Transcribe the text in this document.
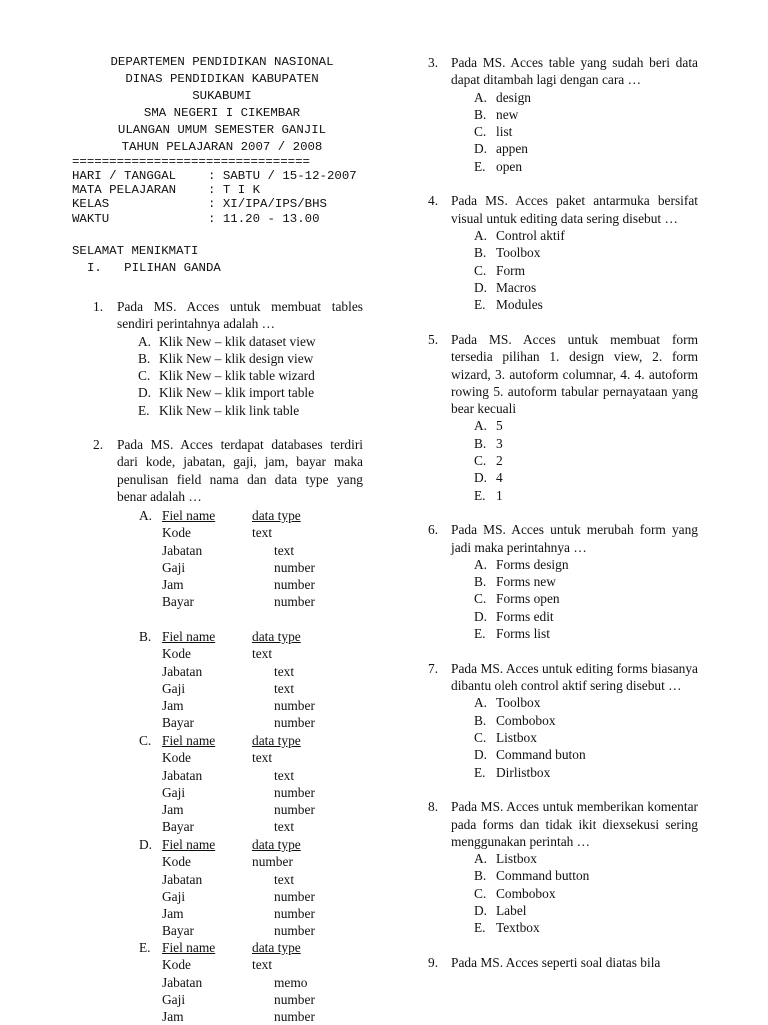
DEPARTEMEN PENDIDIKAN NASIONAL
DINAS PENDIDIKAN KABUPATEN
SUKABUMI
SMA NEGERI I CIKEMBAR
ULANGAN UMUM SEMESTER GANJIL
TAHUN PELAJARAN 2007 / 2008
================================
HARI / TANGGAL	: SABTU / 15-12-2007
MATA PELAJARAN	: T I K
KELAS	: XI/IPA/IPS/BHS
WAKTU	: 11.20 - 13.00
SELAMAT MENIKMATI
I.   PILIHAN GANDA
1.	Pada MS. Acces untuk membuat tables sendiri perintahnya adalah …
A. Klik New – klik dataset view
B. Klik New – klik design view
C. Klik New – klik table wizard
D. Klik New – klik import table
E. Klik New – klik link table
2.	Pada MS. Acces terdapat databases terdiri dari kode, jabatan, gaji, jam, bayar maka penulisan field nama dan data type yang benar adalah …
A. Fiel name	data type
Kode	text
Jabatan	text
Gaji	number
Jam	number
Bayar	number
B. Fiel name	data type
Kode	text
Jabatan	text
Gaji	text
Jam	number
Bayar	number
C. Fiel name	data type
Kode	text
Jabatan	text
Gaji	number
Jam	number
Bayar	text
D. Fiel name	data type
Kode	number
Jabatan	text
Gaji	number
Jam	number
Bayar	number
E. Fiel name	data type
Kode	text
Jabatan	memo
Gaji	number
Jam	number
3. Pada MS. Acces table yang sudah beri data dapat ditambah lagi dengan cara …
A. design
B. new
C. list
D. appen
E. open
4. Pada MS. Acces paket antarmuka bersifat visual untuk editing data sering disebut …
A. Control aktif
B. Toolbox
C. Form
D. Macros
E. Modules
5. Pada MS. Acces untuk membuat form tersedia pilihan 1. design view, 2. form wizard, 3. autoform columnar, 4. 4. autoform rowing 5. autoform tabular pernayataan yang bear kecuali
A. 5
B. 3
C. 2
D. 4
E. 1
6. Pada MS. Acces untuk merubah form yang jadi maka perintahnya …
A. Forms design
B. Forms new
C. Forms open
D. Forms edit
E. Forms list
7. Pada MS. Acces untuk editing forms biasanya dibantu oleh control aktif sering disebut …
A. Toolbox
B. Combobox
C. Listbox
D. Command buton
E. Dirlistbox
8. Pada MS. Acces untuk memberikan komentar pada forms dan tidak ikit diexsekusi sering menggunakan perintah …
A. Listbox
B. Command button
C. Combobox
D. Label
E. Textbox
9. Pada MS. Acces seperti soal diatas bila
